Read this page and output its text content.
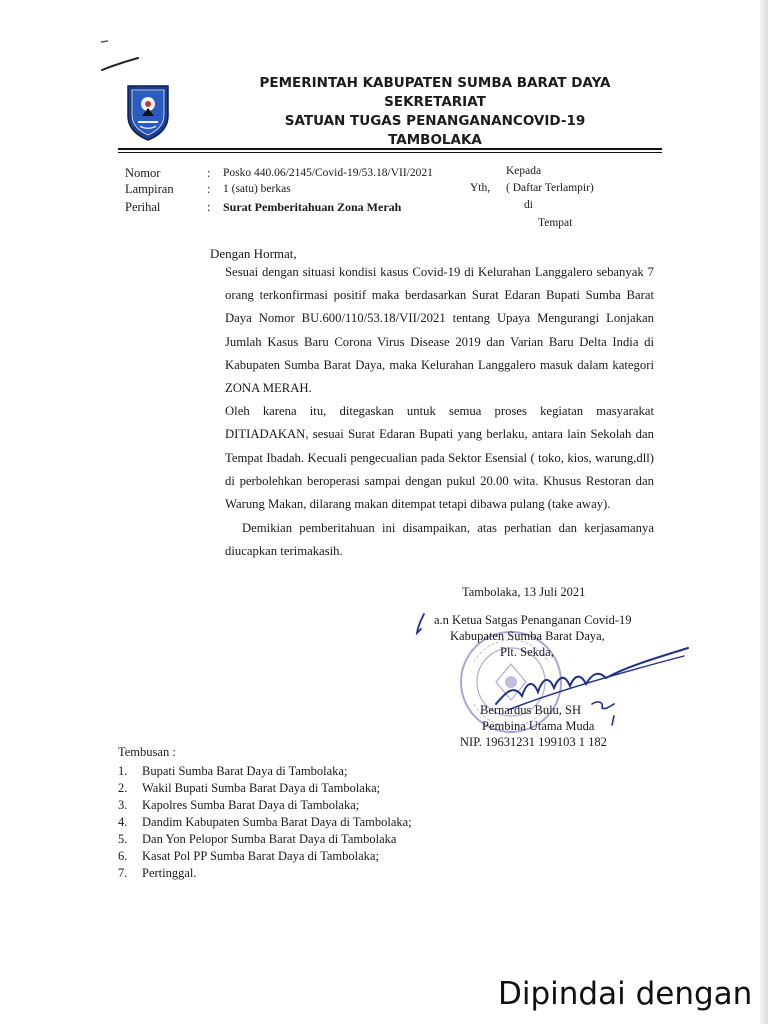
PEMERINTAH KABUPATEN SUMBA BARAT DAYA
SEKRETARIAT
SATUAN TUGAS PENANGANANCOVID-19
TAMBOLAKA
Nomor	: Posko 440.06/2145/Covid-19/53.18/VII/2021
Lampiran	: 1 (satu) berkas
Perihal	: Surat Pemberitahuan Zona Merah
Kepada
Yth, ( Daftar Terlampir)
di
Tempat
Dengan Hormat,

Sesuai dengan situasi kondisi kasus Covid-19 di Kelurahan Langgalero sebanyak 7 orang terkonfirmasi positif maka berdasarkan Surat Edaran Bupati Sumba Barat Daya Nomor BU.600/110/53.18/VII/2021 tentang Upaya Mengurangi Lonjakan Jumlah Kasus Baru Corona Virus Disease 2019 dan Varian Baru Delta India di Kabupaten Sumba Barat Daya, maka Kelurahan Langgalero masuk dalam kategori ZONA MERAH.

Oleh karena itu, ditegaskan untuk semua proses kegiatan masyarakat DITIADAKAN, sesuai Surat Edaran Bupati yang berlaku, antara lain Sekolah dan Tempat Ibadah. Kecuali pengecualian pada Sektor Esensial ( toko, kios, warung,dll) di perbolehkan beroperasi sampai dengan pukul 20.00 wita. Khusus Restoran dan Warung Makan, dilarang makan ditempat tetapi dibawa pulang (take away).

Demikian pemberitahuan ini disampaikan, atas perhatian dan kerjasamanya diucapkan terimakasih.

Tambolaka, 13 Juli 2021
a.n Ketua Satgas Penanganan Covid-19
Kabupaten Sumba Barat Daya,
Plt. Sekda,
Bernardus Bulu, SH
Pembina Utama Muda
NIP. 19631231 199103 1 182
Tembusan :
1. Bupati Sumba Barat Daya di Tambolaka;
2. Wakil Bupati Sumba Barat Daya di Tambolaka;
3. Kapolres Sumba Barat Daya di Tambolaka;
4. Dandim Kabupaten Sumba Barat Daya di Tambolaka;
5. Dan Yon Pelopor Sumba Barat Daya di Tambolaka
6. Kasat Pol PP Sumba Barat Daya di Tambolaka;
7. Pertinggal.
Dipindai dengan
